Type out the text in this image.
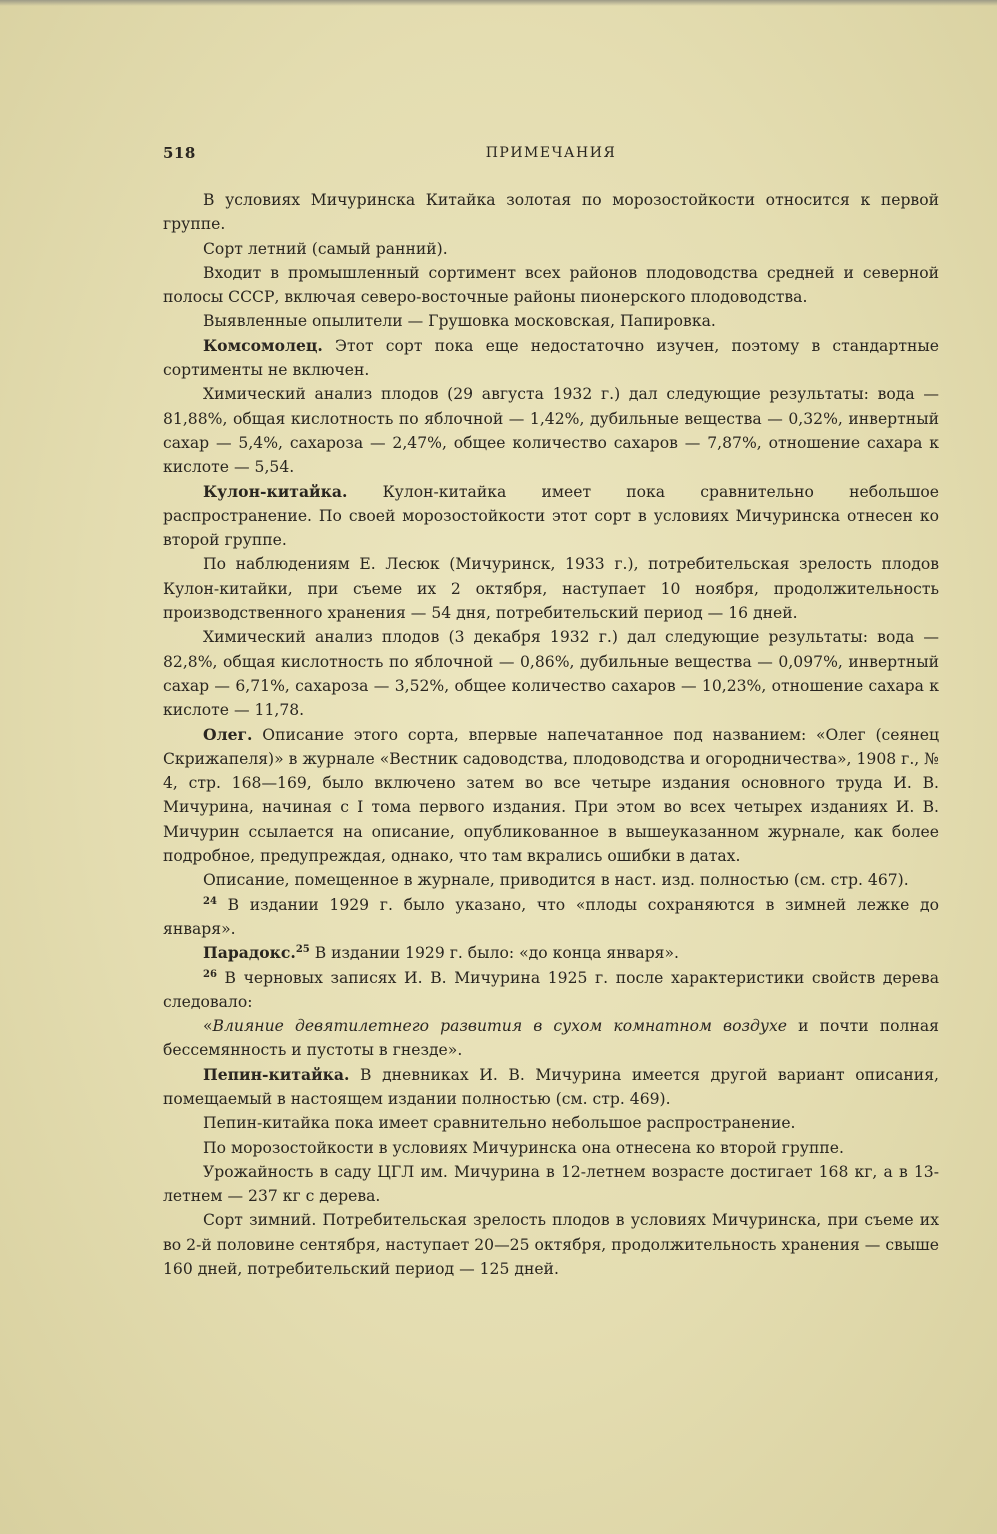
518	ПРИМЕЧАНИЯ

В условиях Мичуринска Китайка золотая по морозостойкости относится к первой группе.

Сорт летний (самый ранний).

Входит в промышленный сортимент всех районов плодоводства средней и северной полосы СССР, включая северо-восточные районы пионерского плодоводства.

Выявленные опылители — Грушовка московская, Папировка.

Комсомолец. Этот сорт пока еще недостаточно изучен, поэтому в стандартные сортименты не включен.

Химический анализ плодов (29 августа 1932 г.) дал следующие результаты: вода — 81,88%, общая кислотность по яблочной — 1,42%, дубильные вещества — 0,32%, инвертный сахар — 5,4%, сахароза — 2,47%, общее количество сахаров — 7,87%, отношение сахара к кислоте — 5,54.

Кулон-китайка. Кулон-китайка имеет пока сравнительно небольшое распространение. По своей морозостойкости этот сорт в условиях Мичуринска отнесен ко второй группе.

По наблюдениям Е. Лесюк (Мичуринск, 1933 г.), потребительская зрелость плодов Кулон-китайки, при съеме их 2 октября, наступает 10 ноября, продолжительность производственного хранения — 54 дня, потребительский период — 16 дней.

Химический анализ плодов (3 декабря 1932 г.) дал следующие результаты: вода — 82,8%, общая кислотность по яблочной — 0,86%, дубильные вещества — 0,097%, инвертный сахар — 6,71%, сахароза — 3,52%, общее количество сахаров — 10,23%, отношение сахара к кислоте — 11,78.

Олег. Описание этого сорта, впервые напечатанное под названием: «Олег (сеянец Скрижапеля)» в журнале «Вестник садоводства, плодоводства и огородничества», 1908 г., № 4, стр. 168—169, было включено затем во все четыре издания основного труда И. В. Мичурина, начиная с I тома первого издания. При этом во всех четырех изданиях И. В. Мичурин ссылается на описание, опубликованное в вышеуказанном журнале, как более подробное, предупреждая, однако, что там вкрались ошибки в датах.

Описание, помещенное в журнале, приводится в наст. изд. полностью (см. стр. 467).

$^{24}$ В издании 1929 г. было указано, что «плоды сохраняются в зимней лежке до января».

Парадокс.$^{25}$ В издании 1929 г. было: «до конца января».

$^{26}$ В черновых записях И. В. Мичурина 1925 г. после характеристики свойств дерева следовало:

«Влияние девятилетнего развития в сухом комнатном воздухе и почти полная бессемянность и пустоты в гнезде».

Пепин-китайка. В дневниках И. В. Мичурина имеется другой вариант описания, помещаемый в настоящем издании полностью (см. стр. 469).

Пепин-китайка пока имеет сравнительно небольшое распространение.

По морозостойкости в условиях Мичуринска она отнесена ко второй группе.

Урожайность в саду ЦГЛ им. Мичурина в 12-летнем возрасте достигает 168 кг, а в 13-летнем — 237 кг с дерева.

Сорт зимний. Потребительская зрелость плодов в условиях Мичуринска, при съеме их во 2-й половине сентября, наступает 20—25 октября, продолжительность хранения — свыше 160 дней, потребительский период — 125 дней.
